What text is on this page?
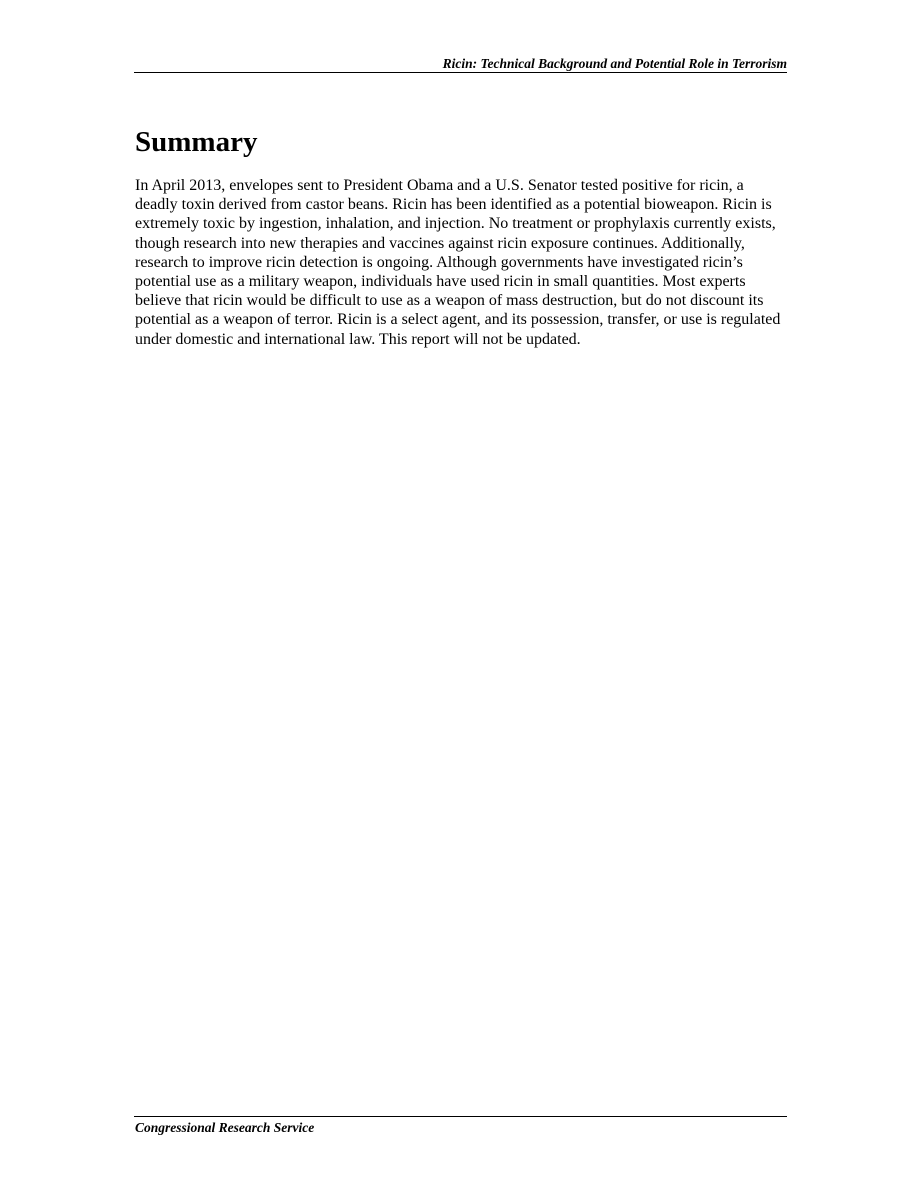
Ricin: Technical Background and Potential Role in Terrorism
Summary

In April 2013, envelopes sent to President Obama and a U.S. Senator tested positive for ricin, a deadly toxin derived from castor beans. Ricin has been identified as a potential bioweapon. Ricin is extremely toxic by ingestion, inhalation, and injection. No treatment or prophylaxis currently exists, though research into new therapies and vaccines against ricin exposure continues. Additionally, research to improve ricin detection is ongoing. Although governments have investigated ricin’s potential use as a military weapon, individuals have used ricin in small quantities. Most experts believe that ricin would be difficult to use as a weapon of mass destruction, but do not discount its potential as a weapon of terror. Ricin is a select agent, and its possession, transfer, or use is regulated under domestic and international law. This report will not be updated.

Congressional Research Service
